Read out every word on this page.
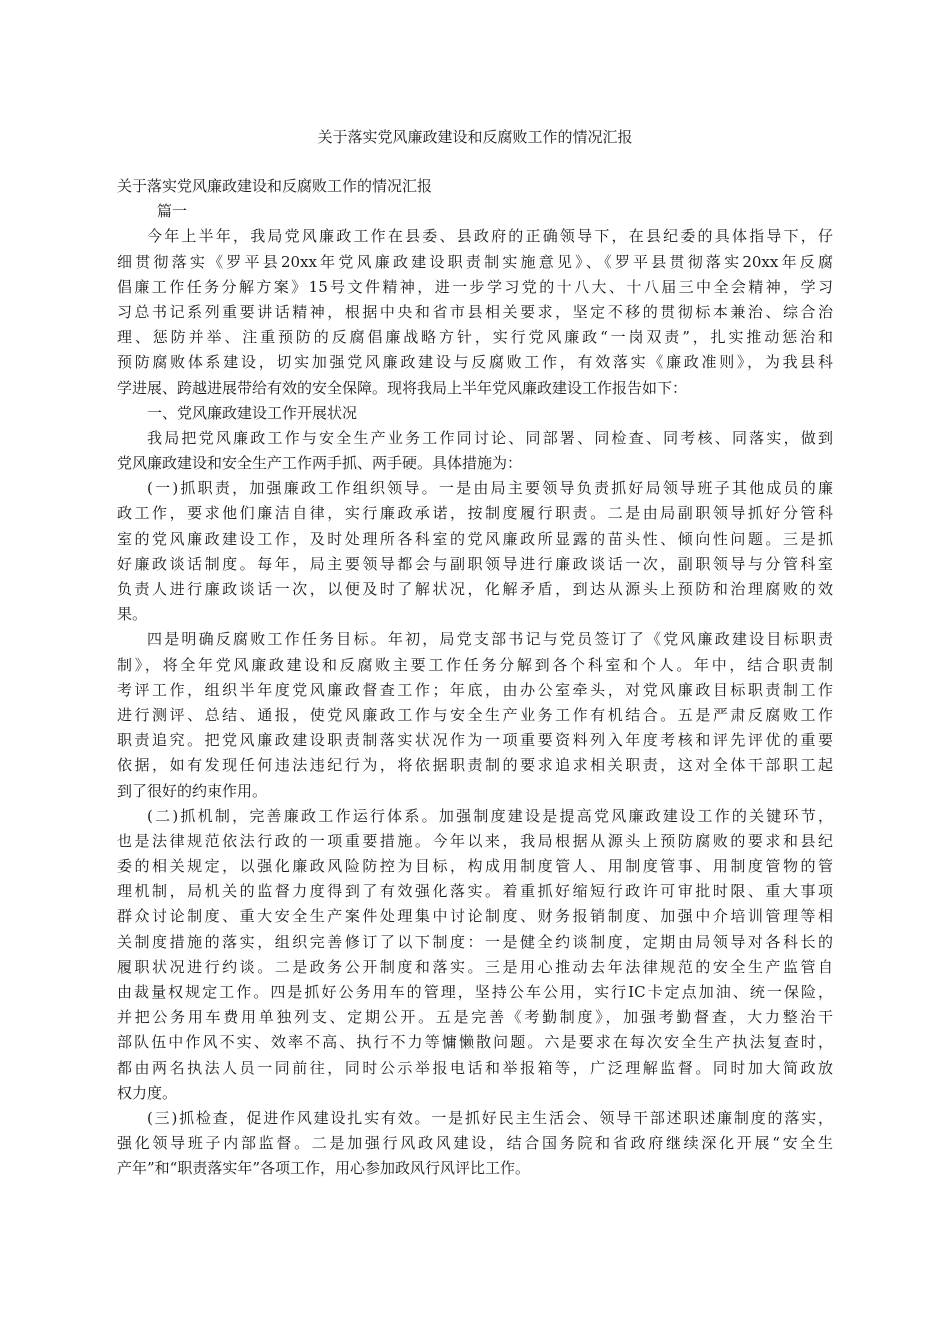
关于落实党风廉政建设和反腐败工作的情况汇报
关于落实党风廉政建设和反腐败工作的情况汇报
篇一
今年上半年，我局党风廉政工作在县委、县政府的正确领导下，在县纪委的具体指导下，仔
细贯彻落实《罗平县20xx年党风廉政建设职责制实施意见》、《罗平县贯彻落实20xx年反腐
倡廉工作任务分解方案》15号文件精神，进一步学习党的十八大、十八届三中全会精神，学习
习总书记系列重要讲话精神，根据中央和省市县相关要求，坚定不移的贯彻标本兼治、综合治
理、惩防并举、注重预防的反腐倡廉战略方针，实行党风廉政“一岗双责”，扎实推动惩治和
预防腐败体系建设，切实加强党风廉政建设与反腐败工作，有效落实《廉政准则》，为我县科
学进展、跨越进展带给有效的安全保障。现将我局上半年党风廉政建设工作报告如下：
一、党风廉政建设工作开展状况
我局把党风廉政工作与安全生产业务工作同讨论、同部署、同检查、同考核、同落实，做到
党风廉政建设和安全生产工作两手抓、两手硬。具体措施为：
(一)抓职责，加强廉政工作组织领导。一是由局主要领导负责抓好局领导班子其他成员的廉
政工作，要求他们廉洁自律，实行廉政承诺，按制度履行职责。二是由局副职领导抓好分管科
室的党风廉政建设工作，及时处理所各科室的党风廉政所显露的苗头性、倾向性问题。三是抓
好廉政谈话制度。每年，局主要领导都会与副职领导进行廉政谈话一次，副职领导与分管科室
负责人进行廉政谈话一次，以便及时了解状况，化解矛盾，到达从源头上预防和治理腐败的效
果。
四是明确反腐败工作任务目标。年初，局党支部书记与党员签订了《党风廉政建设目标职责
制》，将全年党风廉政建设和反腐败主要工作任务分解到各个科室和个人。年中，结合职责制
考评工作，组织半年度党风廉政督查工作；年底，由办公室牵头，对党风廉政目标职责制工作
进行测评、总结、通报，使党风廉政工作与安全生产业务工作有机结合。五是严肃反腐败工作
职责追究。把党风廉政建设职责制落实状况作为一项重要资料列入年度考核和评先评优的重要
依据，如有发现任何违法违纪行为，将依据职责制的要求追求相关职责，这对全体干部职工起
到了很好的约束作用。
(二)抓机制，完善廉政工作运行体系。加强制度建设是提高党风廉政建设工作的关键环节，
也是法律规范依法行政的一项重要措施。今年以来，我局根据从源头上预防腐败的要求和县纪
委的相关规定，以强化廉政风险防控为目标，构成用制度管人、用制度管事、用制度管物的管
理机制，局机关的监督力度得到了有效强化落实。着重抓好缩短行政许可审批时限、重大事项
群众讨论制度、重大安全生产案件处理集中讨论制度、财务报销制度、加强中介培训管理等相
关制度措施的落实，组织完善修订了以下制度：一是健全约谈制度，定期由局领导对各科长的
履职状况进行约谈。二是政务公开制度和落实。三是用心推动去年法律规范的安全生产监管自
由裁量权规定工作。四是抓好公务用车的管理，坚持公车公用，实行IC卡定点加油、统一保险，
并把公务用车费用单独列支、定期公开。五是完善《考勤制度》，加强考勤督查，大力整治干
部队伍中作风不实、效率不高、执行不力等慵懒散问题。六是要求在每次安全生产执法复查时，
都由两名执法人员一同前往，同时公示举报电话和举报箱等，广泛理解监督。同时加大简政放
权力度。
(三)抓检查，促进作风建设扎实有效。一是抓好民主生活会、领导干部述职述廉制度的落实，
强化领导班子内部监督。二是加强行风政风建设，结合国务院和省政府继续深化开展“安全生
产年”和“职责落实年”各项工作，用心参加政风行风评比工作。
